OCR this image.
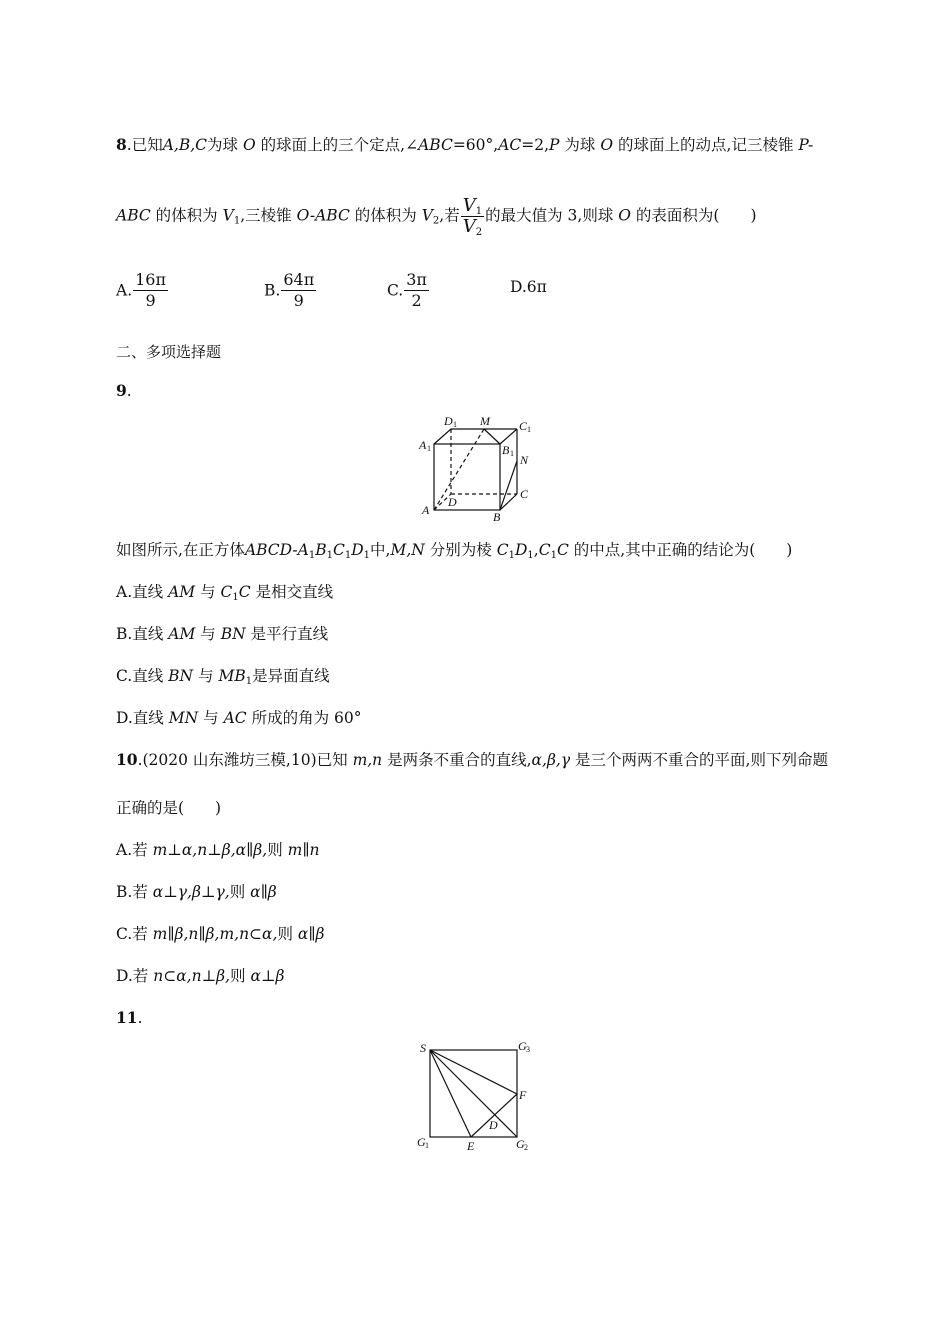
8.已知A,B,C为球 O 的球面上的三个定点,∠ABC=60°,AC=2,P 为球 O 的球面上的动点,记三棱锥 P-
ABC 的体积为 $V_1$,三棱锥 O-ABC 的体积为 $V_2$,若 $\frac{V_1}{V_2}$ 的最大值为 3,则球 O 的表面积为(　　)
A. $\frac{16\pi}{9}$	B. $\frac{64\pi}{9}$	C. $\frac{3\pi}{2}$	D.6π
二、多项选择题
9.
D 1 M C 1
A 1	B 1 N
C
D
A	B
如图所示,在正方体ABCD-$A_1B_1C_1D_1$中,M,N 分别为棱 $C_1D_1,C_1C$ 的中点,其中正确的结论为(　　)
A.直线 AM 与 $C_1C$ 是相交直线
B.直线 AM 与 BN 是平行直线
C.直线 BN 与 $MB_1$是异面直线
D.直线 MN 与 AC 所成的角为 60°
10.(2020 山东潍坊三模,10)已知 m,n 是两条不重合的直线,α,β,γ 是三个两两不重合的平面,则下列命题
正确的是(　　)
A.若 m⊥α,n⊥β,α∥β,则 m∥n
B.若 α⊥γ,β⊥γ,则 α∥β
C.若 m∥β,n∥β,m,n⊂α,则 α∥β
D.若 n⊂α,n⊥β,则 α⊥β
11.
S	G 3
F
D
G 1	E	G 2
